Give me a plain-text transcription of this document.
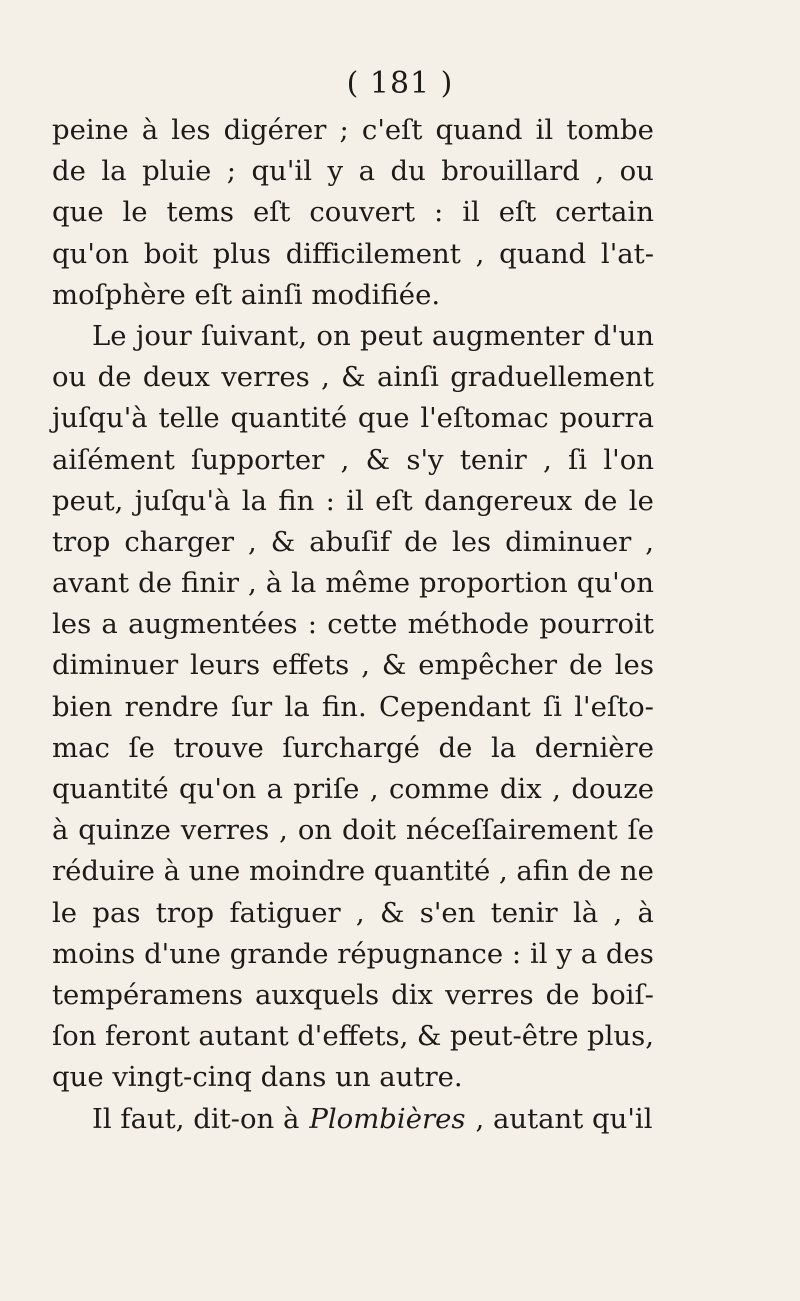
( 181 )
peine à les digérer ; c'eſt quand il tombe
de la pluie ; qu'il y a du brouillard , ou
que le tems eſt couvert : il eſt certain
qu'on boit plus difficilement , quand l'at-
moſphère eſt ainſi modifiée.
Le jour ſuivant, on peut augmenter d'un
ou de deux verres , & ainſi graduellement
juſqu'à telle quantité que l'eſtomac pourra
aiſément ſupporter , & s'y tenir , ſi l'on
peut, juſqu'à la fin : il eſt dangereux de le
trop charger , & abuſif de les diminuer ,
avant de finir , à la même proportion qu'on
les a augmentées : cette méthode pourroit
diminuer leurs effets , & empêcher de les
bien rendre ſur la fin. Cependant ſi l'eſto-
mac ſe trouve ſurchargé de la dernière
quantité qu'on a priſe , comme dix , douze
à quinze verres , on doit néceſſairement ſe
réduire à une moindre quantité , afin de ne
le pas trop fatiguer , & s'en tenir là , à
moins d'une grande répugnance : il y a des
tempéramens auxquels dix verres de boiſ-
ſon feront autant d'effets, & peut-être plus,
que vingt-cinq dans un autre.
Il faut, dit-on à Plombières , autant qu'il
